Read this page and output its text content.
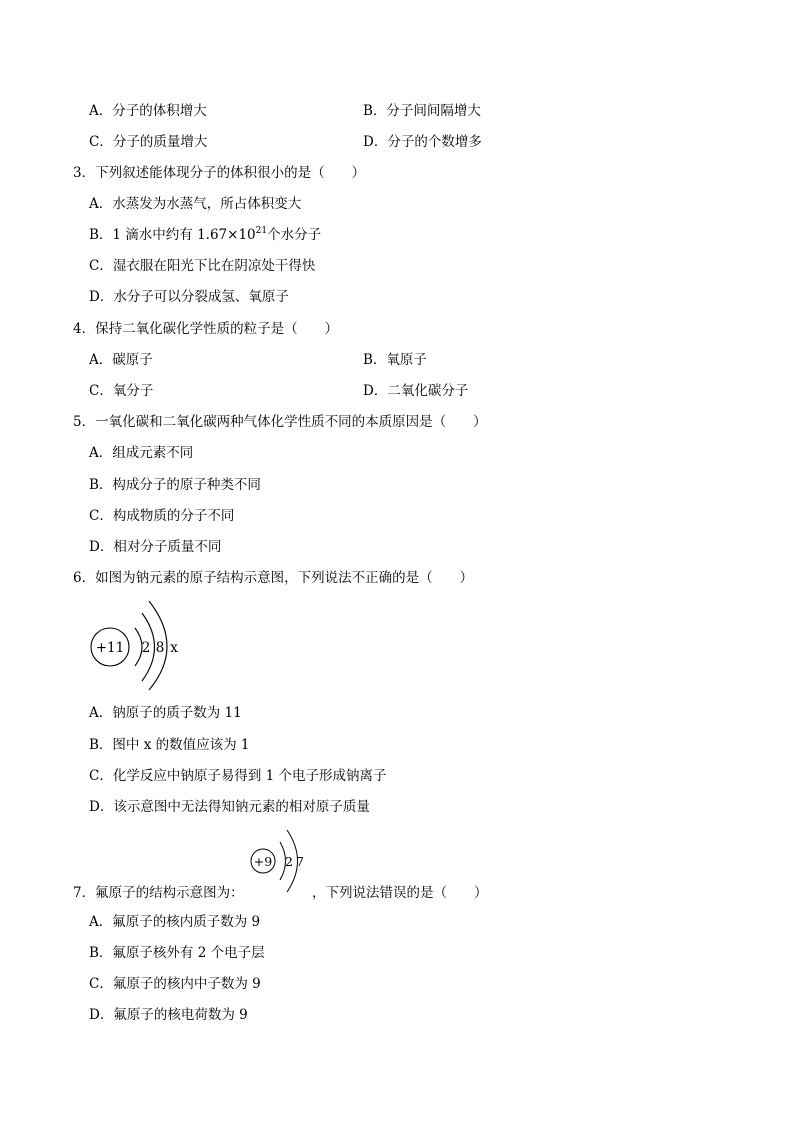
A．分子的体积增大	B．分子间间隔增大
C．分子的质量增大	D．分子的个数增多
3．下列叙述能体现分子的体积很小的是（　　）
A．水蒸发为水蒸气，所占体积变大
B．1 滴水中约有 $1.67\times 10^{21}$个水分子
C．湿衣服在阳光下比在阴凉处干得快
D．水分子可以分裂成氢、氧原子
4．保持二氧化碳化学性质的粒子是（　　）
A．碳原子	B．氧原子
C．氧分子	D．二氧化碳分子
5．一氧化碳和二氧化碳两种气体化学性质不同的本质原因是（　　）
A．组成元素不同
B．构成分子的原子种类不同
C．构成物质的分子不同
D．相对分子质量不同
6．如图为钠元素的原子结构示意图，下列说法不正确的是（　　）
+11 2 8 x
A．钠原子的质子数为 11
B．图中 x 的数值应该为 1
C．化学反应中钠原子易得到 1 个电子形成钠离子
D．该示意图中无法得知钠元素的相对原子质量
7．氟原子的结构示意图为：
+9 2 7
，下列说法错误的是（　　）
A．氟原子的核内质子数为 9
B．氟原子核外有 2 个电子层
C．氟原子的核内中子数为 9
D．氟原子的核电荷数为 9
